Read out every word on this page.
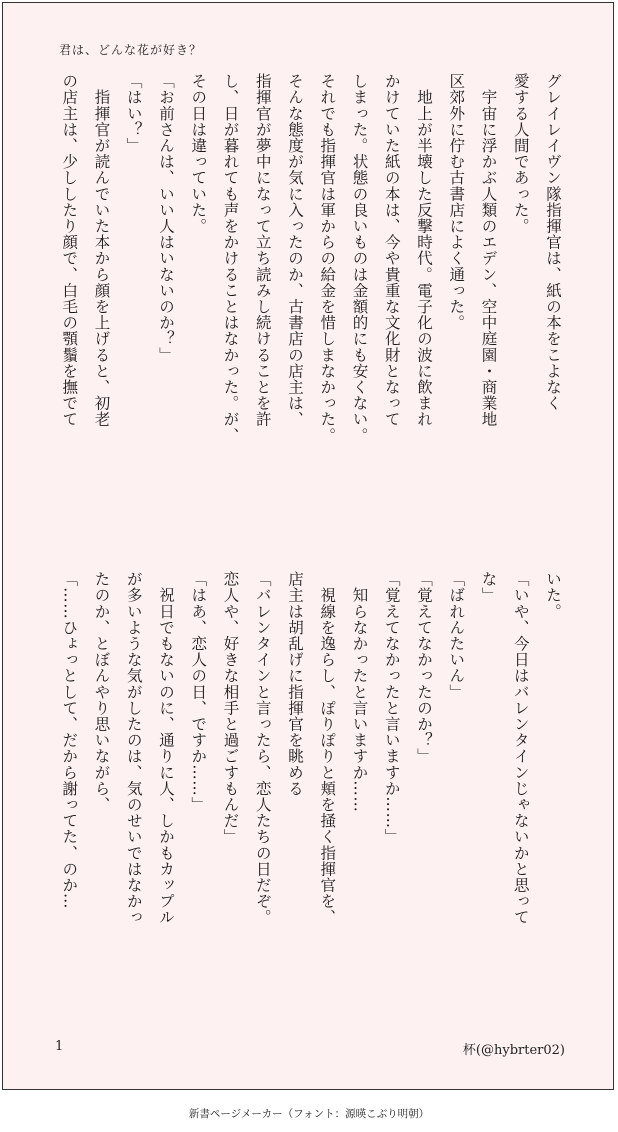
君は、どんな花が好き？

グレイレイヴン隊指揮官は、紙の本をこよなく

愛する人間であった。

　宇宙に浮かぶ人類のエデン、空中庭園・商業地

区郊外に佇む古書店によく通った。

　地上が半壊した反撃時代。電子化の波に飲まれ

かけていた紙の本は、今や貴重な文化財となって

しまった。状態の良いものは金額的にも安くない。

それでも指揮官は軍からの給金を惜しまなかった。

そんな態度が気に入ったのか、古書店の店主は、

指揮官が夢中になって立ち読みし続けることを許

し、日が暮れても声をかけることはなかった。が、

その日は違っていた。

「お前さんは、いい人はいないのか？」

「はい？」

　指揮官が読んでいた本から顔を上げると、初老

の店主は、少ししたり顔で、白毛の顎鬚を撫でて

いた。

「いや、今日はバレンタインじゃないかと思って

な」

「ばれんたいん」

「覚えてなかったのか？」

「覚えてなかったと言いますか……」

　知らなかったと言いますか……

　視線を逸らし、ぽりぽりと頬を掻く指揮官を、

店主は胡乱げに指揮官を眺める

「バレンタインと言ったら、恋人たちの日だぞ。

恋人や、好きな相手と過ごすもんだ」

「はあ、恋人の日、ですか……」

　祝日でもないのに、通りに人、しかもカップル

が多いような気がしたのは、気のせいではなかっ

たのか、とぼんやり思いながら、

「……ひょっとして、だから謝ってた、のか…

1	杯(@hybrter02)
新書ページメーカー（フォント：源暎こぶり明朝）
